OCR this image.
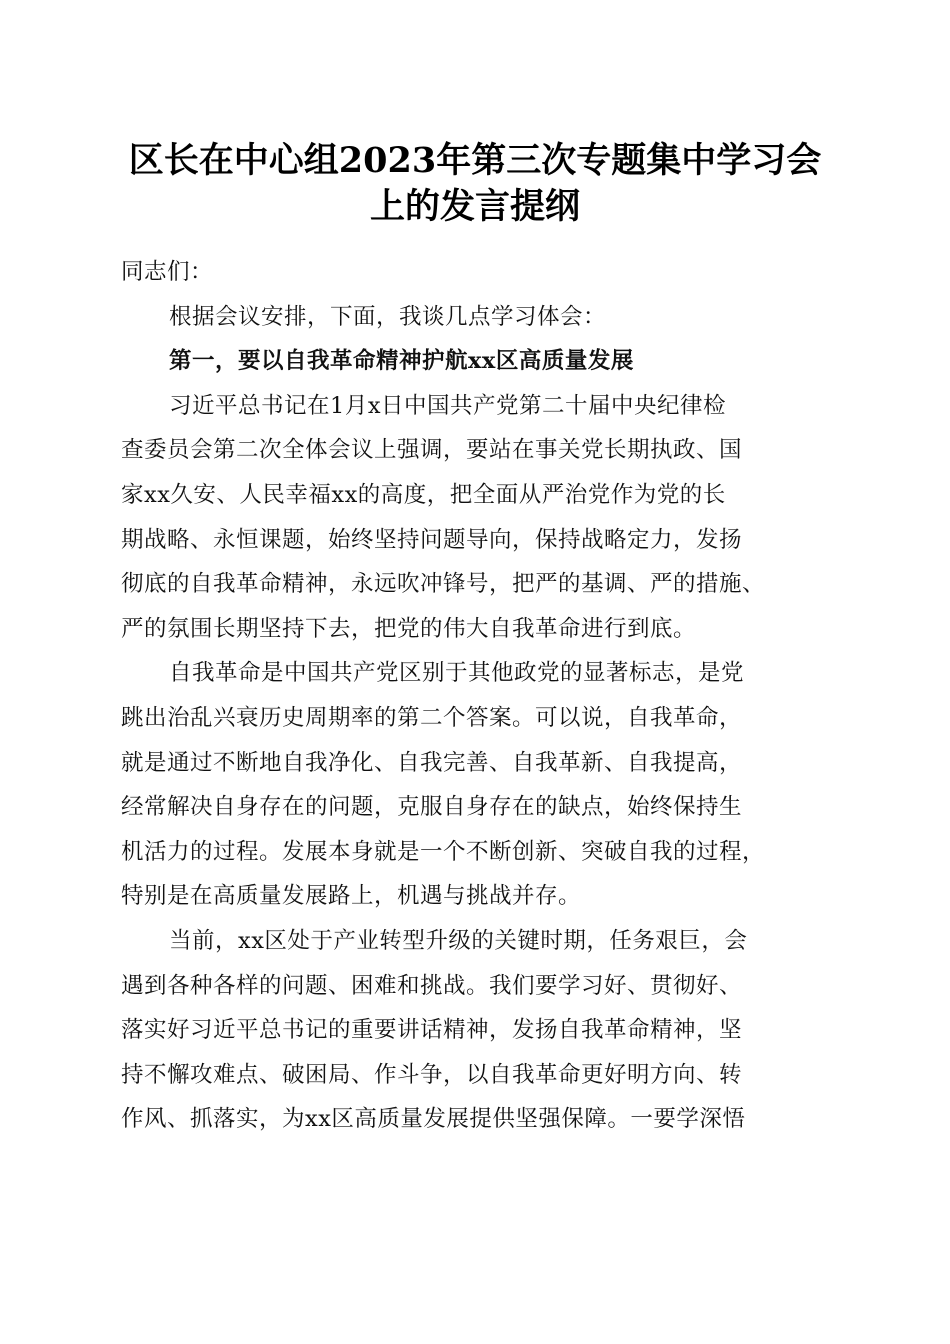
区长在中心组2023年第三次专题集中学习会
上的发言提纲
同志们：
根据会议安排，下面，我谈几点学习体会：
第一，要以自我革命精神护航xx区高质量发展
习近平总书记在1月x日中国共产党第二十届中央纪律检
查委员会第二次全体会议上强调，要站在事关党长期执政、国
家xx久安、人民幸福xx的高度，把全面从严治党作为党的长
期战略、永恒课题，始终坚持问题导向，保持战略定力，发扬
彻底的自我革命精神，永远吹冲锋号，把严的基调、严的措施、
严的氛围长期坚持下去，把党的伟大自我革命进行到底。
自我革命是中国共产党区别于其他政党的显著标志，是党
跳出治乱兴衰历史周期率的第二个答案。可以说，自我革命，
就是通过不断地自我净化、自我完善、自我革新、自我提高，
经常解决自身存在的问题，克服自身存在的缺点，始终保持生
机活力的过程。发展本身就是一个不断创新、突破自我的过程，
特别是在高质量发展路上，机遇与挑战并存。
当前，xx区处于产业转型升级的关键时期，任务艰巨，会
遇到各种各样的问题、困难和挑战。我们要学习好、贯彻好、
落实好习近平总书记的重要讲话精神，发扬自我革命精神，坚
持不懈攻难点、破困局、作斗争，以自我革命更好明方向、转
作风、抓落实，为xx区高质量发展提供坚强保障。一要学深悟
